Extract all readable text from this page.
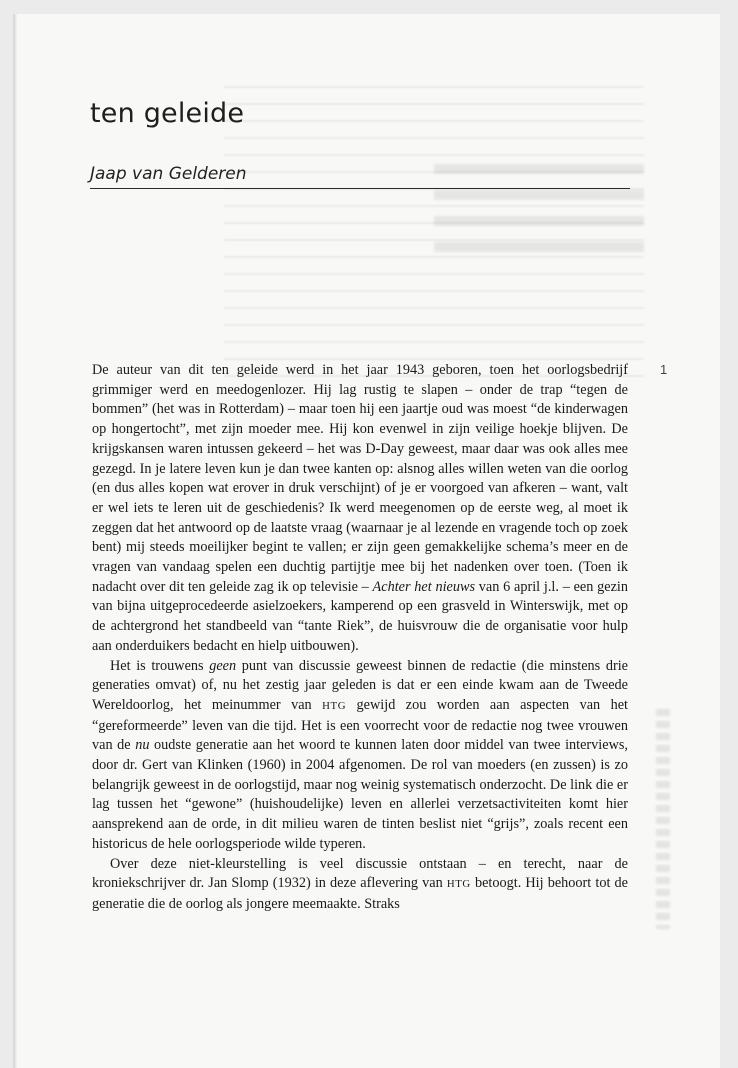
ten geleide

Jaap van Gelderen

1

De auteur van dit ten geleide werd in het jaar 1943 geboren, toen het oorlogsbedrijf grimmiger werd en meedogenlozer. Hij lag rustig te slapen – onder de trap “tegen de bommen” (het was in Rotterdam) – maar toen hij een jaartje oud was moest “de kinderwagen op hongertocht”, met zijn moeder mee. Hij kon evenwel in zijn veilige hoekje blijven. De krijgskansen waren intussen gekeerd – het was D-Day geweest, maar daar was ook alles mee gezegd. In je latere leven kun je dan twee kanten op: alsnog alles willen weten van die oorlog (en dus alles kopen wat erover in druk verschijnt) of je er voorgoed van afkeren – want, valt er wel iets te leren uit de geschiedenis? Ik werd meegenomen op de eerste weg, al moet ik zeggen dat het antwoord op de laatste vraag (waarnaar je al lezende en vragende toch op zoek bent) mij steeds moeilijker begint te vallen; er zijn geen gemakkelijke schema’s meer en de vragen van vandaag spelen een duchtig partijtje mee bij het nadenken over toen. (Toen ik nadacht over dit ten geleide zag ik op televisie – Achter het nieuws van 6 april j.l. – een gezin van bijna uitgeprocedeerde asielzoekers, kamperend op een grasveld in Winterswijk, met op de achtergrond het standbeeld van “tante Riek”, de huisvrouw die de organisatie voor hulp aan onderduikers bedacht en hielp uitbouwen).

Het is trouwens geen punt van discussie geweest binnen de redactie (die minstens drie generaties omvat) of, nu het zestig jaar geleden is dat er een einde kwam aan de Tweede Wereldoorlog, het meinummer van HTG gewijd zou worden aan aspecten van het “gereformeerde” leven van die tijd. Het is een voorrecht voor de redactie nog twee vrouwen van de nu oudste generatie aan het woord te kunnen laten door middel van twee interviews, door dr. Gert van Klinken (1960) in 2004 afgenomen. De rol van moeders (en zussen) is zo belangrijk geweest in de oorlogstijd, maar nog weinig systematisch onderzocht. De link die er lag tussen het “gewone” (huishoudelijke) leven en allerlei verzetsactiviteiten komt hier aansprekend aan de orde, in dit milieu waren de tinten beslist niet “grijs”, zoals recent een historicus de hele oorlogsperiode wilde typeren.

Over deze niet-kleurstelling is veel discussie ontstaan – en terecht, naar de kroniekschrijver dr. Jan Slomp (1932) in deze aflevering van HTG betoogt. Hij behoort tot de generatie die de oorlog als jongere meemaakte. Straks
